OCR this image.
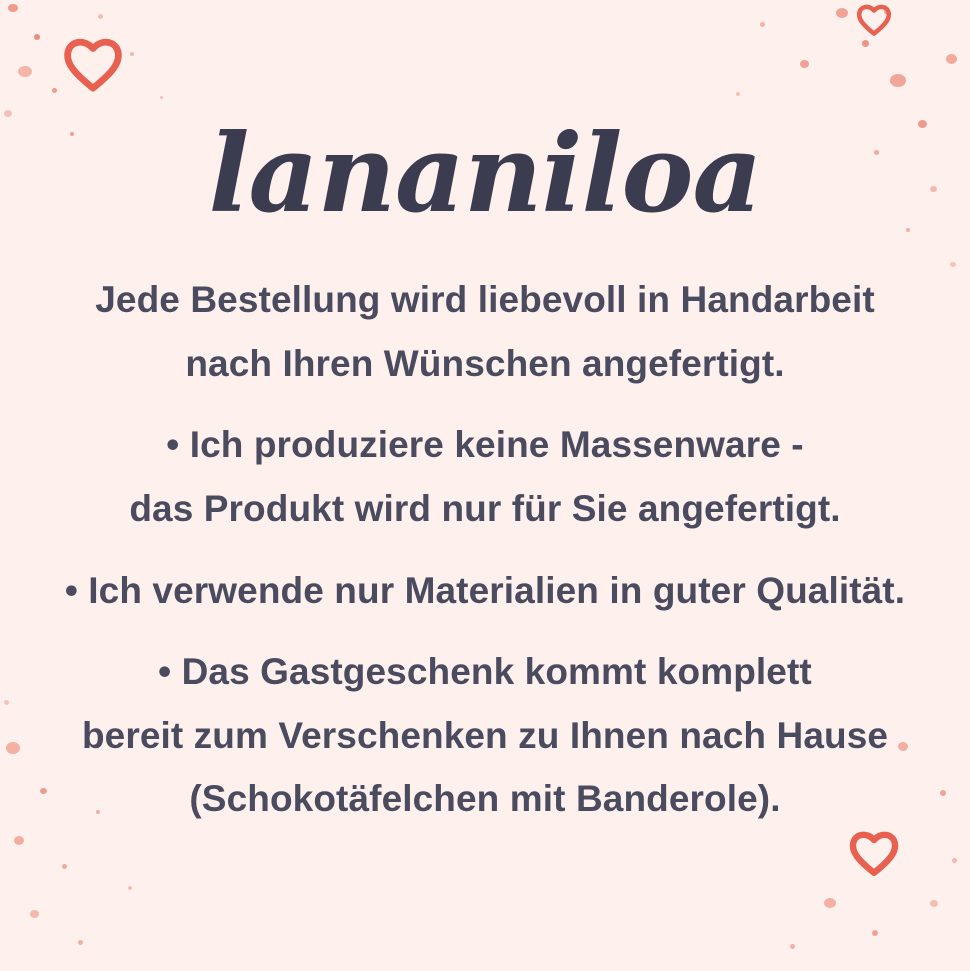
lananiloa

Jede Bestellung wird liebevoll in Handarbeit
nach Ihren Wünschen angefertigt.

• Ich produziere keine Massenware -
das Produkt wird nur für Sie angefertigt.

• Ich verwende nur Materialien in guter Qualität.

• Das Gastgeschenk kommt komplett
bereit zum Verschenken zu Ihnen nach Hause
(Schokotäfelchen mit Banderole).
